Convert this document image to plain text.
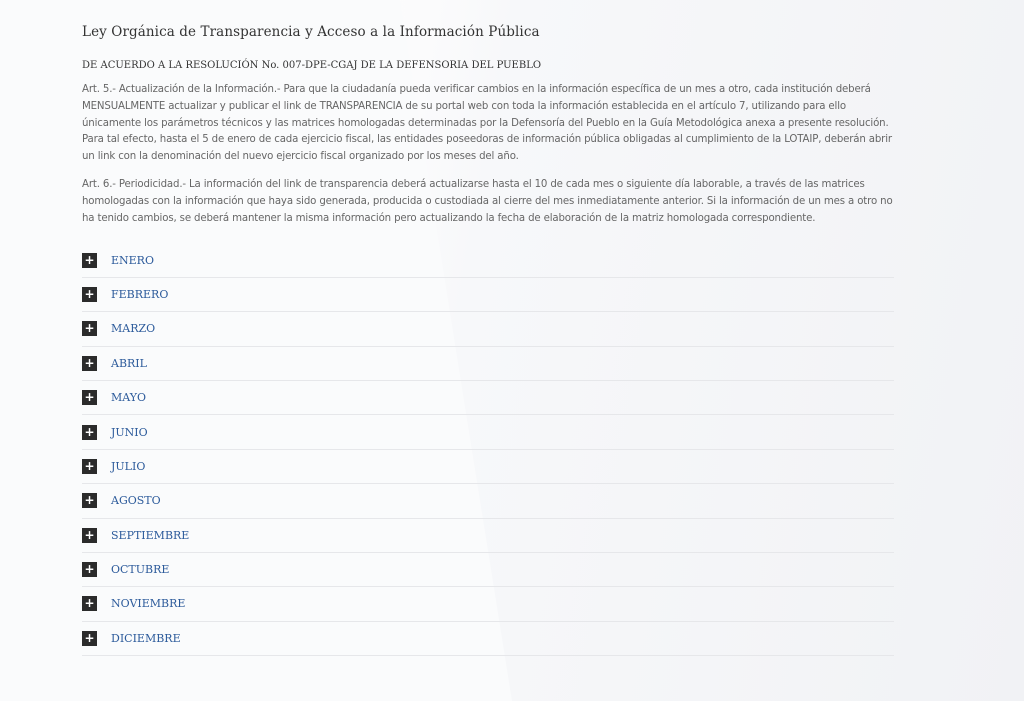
Ley Orgánica de Transparencia y Acceso a la Información Pública
DE ACUERDO A LA RESOLUCIÓN No. 007-DPE-CGAJ DE LA DEFENSORIA DEL PUEBLO

Art. 5.- Actualización de la Información.- Para que la ciudadanía pueda verificar cambios en la información específica de un mes a otro, cada institución deberá MENSUALMENTE actualizar y publicar el link de TRANSPARENCIA de su portal web con toda la información establecida en el artículo 7, utilizando para ello únicamente los parámetros técnicos y las matrices homologadas determinadas por la Defensoría del Pueblo en la Guía Metodológica anexa a presente resolución. Para tal efecto, hasta el 5 de enero de cada ejercicio fiscal, las entidades poseedoras de información pública obligadas al cumplimiento de la LOTAIP, deberán abrir un link con la denominación del nuevo ejercicio fiscal organizado por los meses del año.

Art. 6.- Periodicidad.- La información del link de transparencia deberá actualizarse hasta el 10 de cada mes o siguiente día laborable, a través de las matrices homologadas con la información que haya sido generada, producida o custodiada al cierre del mes inmediatamente anterior. Si la información de un mes a otro no ha tenido cambios, se deberá mantener la misma información pero actualizando la fecha de elaboración de la matriz homologada correspondiente.

+ ENERO
+ FEBRERO
+ MARZO
+ ABRIL
+ MAYO
+ JUNIO
+ JULIO
+ AGOSTO
+ SEPTIEMBRE
+ OCTUBRE
+ NOVIEMBRE
+ DICIEMBRE
